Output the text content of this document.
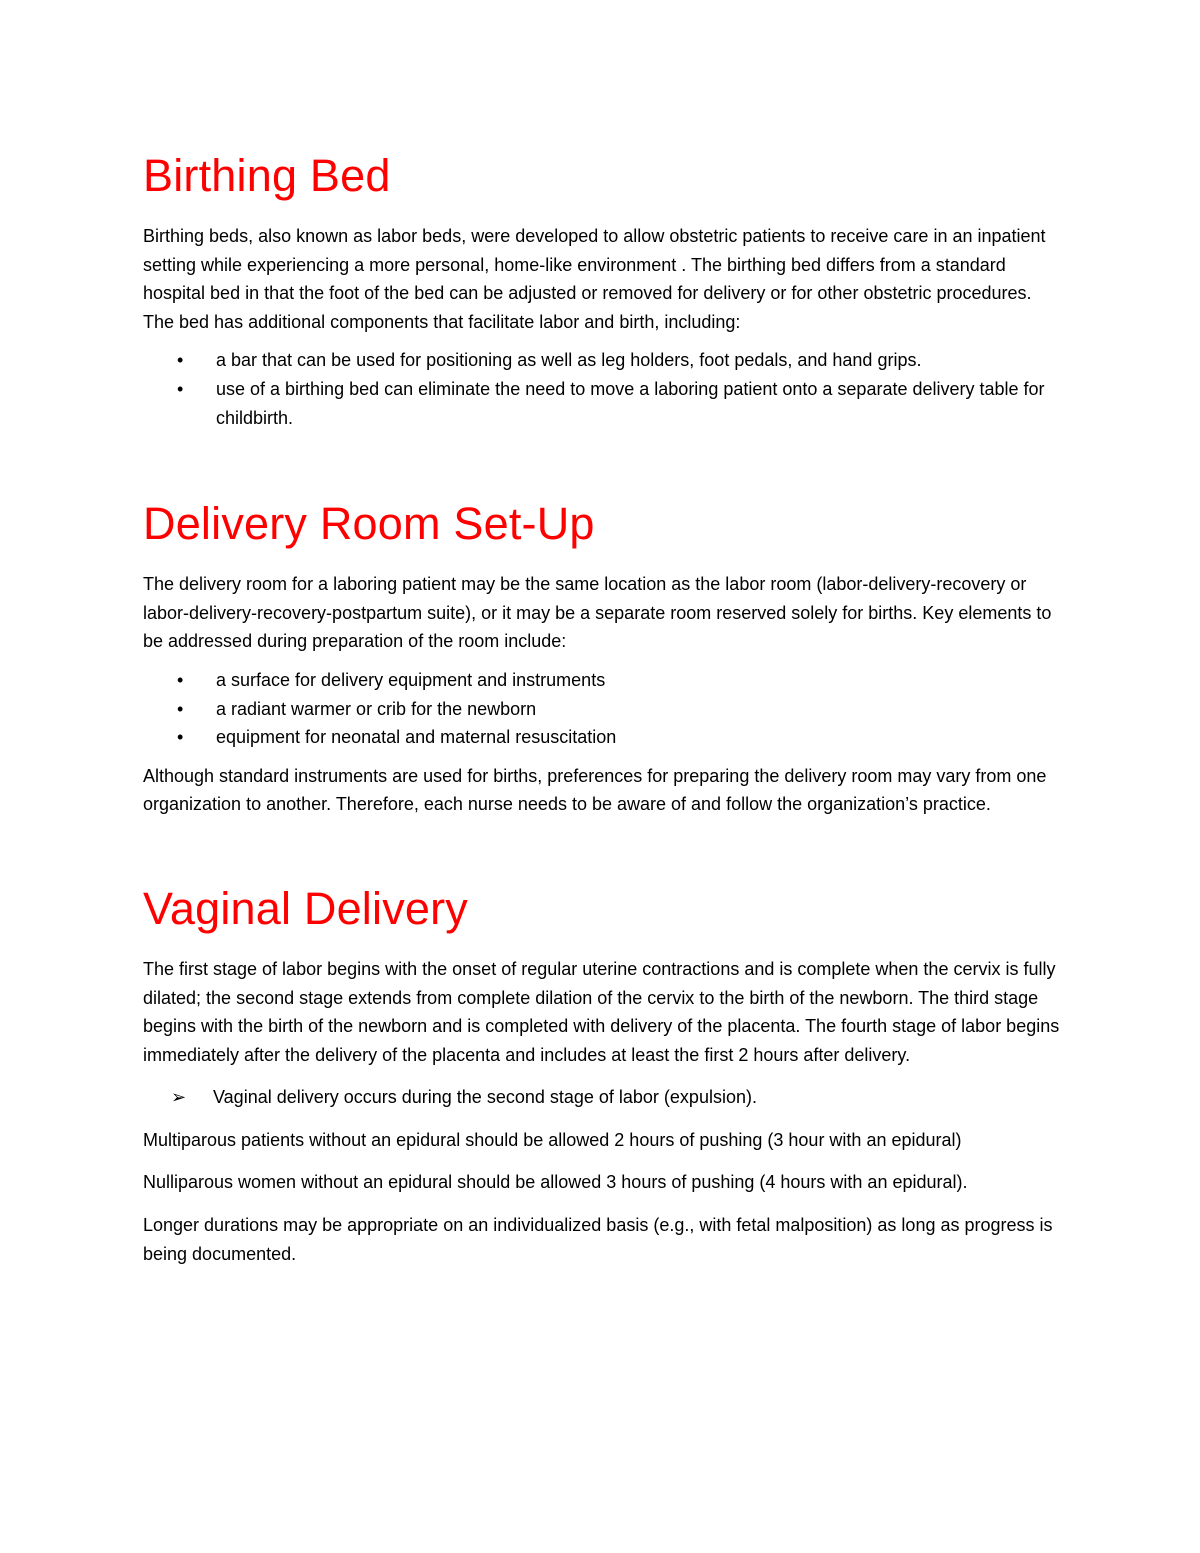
Birthing Bed

Birthing beds, also known as labor beds, were developed to allow obstetric patients to receive care in an inpatient setting while experiencing a more personal, home-like environment . The birthing bed differs from a standard hospital bed in that the foot of the bed can be adjusted or removed for delivery or for other obstetric procedures. The bed has additional components that facilitate labor and birth, including:

• a bar that can be used for positioning as well as leg holders, foot pedals, and hand grips.
• use of a birthing bed can eliminate the need to move a laboring patient onto a separate delivery table for childbirth.
Delivery Room Set-Up

The delivery room for a laboring patient may be the same location as the labor room (labor-delivery-recovery or labor-delivery-recovery-postpartum suite), or it may be a separate room reserved solely for births. Key elements to be addressed during preparation of the room include:

• a surface for delivery equipment and instruments
• a radiant warmer or crib for the newborn
• equipment for neonatal and maternal resuscitation

Although standard instruments are used for births, preferences for preparing the delivery room may vary from one organization to another. Therefore, each nurse needs to be aware of and follow the organization’s practice.

Vaginal Delivery

The first stage of labor begins with the onset of regular uterine contractions and is complete when the cervix is fully dilated; the second stage extends from complete dilation of the cervix to the birth of the newborn. The third stage begins with the birth of the newborn and is completed with delivery of the placenta. The fourth stage of labor begins immediately after the delivery of the placenta and includes at least the first 2 hours after delivery.

➢ Vaginal delivery occurs during the second stage of labor (expulsion).

Multiparous patients without an epidural should be allowed 2 hours of pushing (3 hour with an epidural)

Nulliparous women without an epidural should be allowed 3 hours of pushing (4 hours with an epidural).

Longer durations may be appropriate on an individualized basis (e.g., with fetal malposition) as long as progress is being documented.
